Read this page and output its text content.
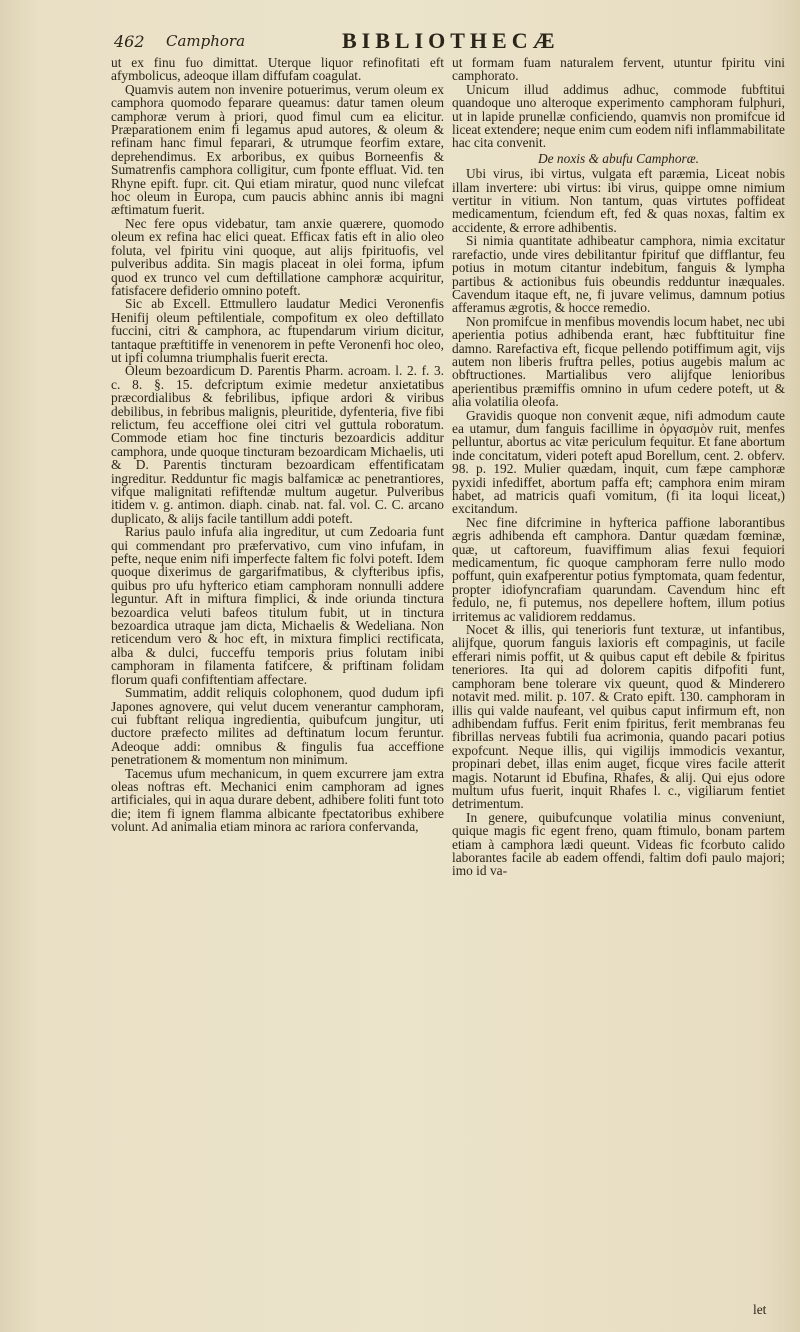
462 Camphora	BIBLIOTHECÆ

ut ex finu fuo dimittat. Uterque liquor refinofitati eft afymbolicus, adeoque illam diffufam coagulat.

Quamvis autem non invenire potuerimus, verum oleum ex camphora quomodo feparare queamus: datur tamen oleum camphoræ verum à priori, quod fimul cum ea elicitur. Præparationem enim fi legamus apud autores, & oleum & refinam hanc fimul feparari, & utrumque feorfim extare, deprehendimus. Ex arboribus, ex quibus Borneenfis & Sumatrenfis camphora colligitur, cum fponte effluat. Vid. ten Rhyne epift. fupr. cit. Qui etiam miratur, quod nunc vilefcat hoc oleum in Europa, cum paucis abhinc annis ibi magni æftimatum fuerit.

Nec fere opus videbatur, tam anxie quærere, quomodo oleum ex refina hac elici queat. Efficax fatis eft in alio oleo foluta, vel fpiritu vini quoque, aut alijs fpirituofis, vel pulveribus addita. Sin magis placeat in olei forma, ipfum quod ex trunco vel cum deftillatione camphoræ acquiritur, fatisfacere defiderio omnino poteft.

Sic ab Excell. Ettmullero laudatur Medici Veronenfis Henifij oleum peftilentiale, compofitum ex oleo deftillato fuccini, citri & camphora, ac ftupendarum virium dicitur, tantaque præftitiffe in venenorem in pefte Veronenfi hoc oleo, ut ipfi columna triumphalis fuerit erecta.

Oleum bezoardicum D. Parentis Pharm. acroam. l. 2. f. 3. c. 8. §. 15. defcriptum eximie medetur anxietatibus præcordialibus & febrilibus, ipfique ardori & viribus debilibus, in febribus malignis, pleuritide, dyfenteria, five fibi relictum, feu acceffione olei citri vel guttula roboratum. Commode etiam hoc fine tincturis bezoardicis additur camphora, unde quoque tincturam bezoardicam Michaelis, uti & D. Parentis tincturam bezoardicam effentificatam ingreditur. Redduntur fic magis balfamicæ ac penetrantiores, vifque malignitati refiftendæ multum augetur. Pulveribus itidem v. g. antimon. diaph. cinab. nat. fal. vol. C. C. arcano duplicato, & alijs facile tantillum addi poteft.

Rarius paulo infufa alia ingreditur, ut cum Zedoaria funt qui commendant pro præfervativo, cum vino infufam, in pefte, neque enim nifi imperfecte faltem fic folvi poteft. Idem quoque dixerimus de gargarifmatibus, & clyfteribus ipfis, quibus pro ufu hyfterico etiam camphoram nonnulli addere leguntur. Aft in miftura fimplici, & inde oriunda tinctura bezoardica veluti bafeos titulum fubit, ut in tinctura bezoardica utraque jam dicta, Michaelis & Wedeliana. Non reticendum vero & hoc eft, in mixtura fimplici rectificata, alba & dulci, fucceffu temporis prius folutam inibi camphoram in filamenta fatifcere, & priftinam folidam florum quafi confiftentiam affectare.

Summatim, addit reliquis colophonem, quod dudum ipfi Japones agnovere, qui velut ducem venerantur camphoram, cui fubftant reliqua ingredientia, quibufcum jungitur, uti ductore præfecto milites ad deftinatum locum feruntur. Adeoque addi: omnibus & fingulis fua acceffione penetrationem & momentum non minimum.

Tacemus ufum mechanicum, in quem excurrere jam extra oleas noftras eft. Mechanici enim camphoram ad ignes artificiales, qui in aqua durare debent, adhibere foliti funt toto die; item fi ignem flamma albicante fpectatoribus exhibere volunt. Ad animalia etiam minora ac rariora confervanda,

ut formam fuam naturalem fervent, utuntur fpiritu vini camphorato.

Unicum illud addimus adhuc, commode fubftitui quandoque uno alteroque experimento camphoram fulphuri, ut in lapide prunellæ conficiendo, quamvis non promifcue id liceat extendere; neque enim cum eodem nifi inflammabilitate hac cita convenit.

De noxis & abufu Camphoræ.

Ubi virus, ibi virtus, vulgata eft paræmia, Liceat nobis illam invertere: ubi virtus: ibi virus, quippe omne nimium vertitur in vitium. Non tantum, quas virtutes poffideat medicamentum, fciendum eft, fed & quas noxas, faltim ex accidente, & errore adhibentis.

Si nimia quantitate adhibeatur camphora, nimia excitatur rarefactio, unde vires debilitantur fpirituf que difflantur, feu potius in motum citantur indebitum, fanguis & lympha partibus & actionibus fuis obeundis redduntur inæquales. Cavendum itaque eft, ne, fi juvare velimus, damnum potius afferamus ægrotis, & hocce remedio.

Non promifcue in menfibus movendis locum habet, nec ubi aperientia potius adhibenda erant, hæc fubftituitur fine damno. Rarefactiva eft, ficque pellendo potiffimum agit, vijs autem non liberis fruftra pelles, potius augebis malum ac obftructiones. Martialibus vero alijfque lenioribus aperientibus præmiffis omnino in ufum cedere poteft, ut & alia volatilia oleofa.

Gravidis quoque non convenit æque, nifi admodum caute ea utamur, dum fanguis facillime in ὀργασμὸν ruit, menfes pelluntur, abortus ac vitæ periculum fequitur. Et fane abortum inde concitatum, videri poteft apud Borellum, cent. 2. obferv. 98. p. 192. Mulier quædam, inquit, cum fæpe camphoræ pyxidi infediffet, abortum paffa eft; camphora enim miram habet, ad matricis quafi vomitum, (fi ita loqui liceat,) excitandum.

Nec fine difcrimine in hyfterica paffione laborantibus ægris adhibenda eft camphora. Dantur quædam fœminæ, quæ, ut caftoreum, fuaviffimum alias fexui fequiori medicamentum, fic quoque camphoram ferre nullo modo poffunt, quin exafperentur potius fymptomata, quam fedentur, propter idiofyncrafiam quarundam. Cavendum hinc eft fedulo, ne, fi putemus, nos depellere hoftem, illum potius irritemus ac validiorem reddamus.

Nocet & illis, qui tenerioris funt texturæ, ut infantibus, alijfque, quorum fanguis laxioris eft compaginis, ut facile efferari nimis poffit, ut & quibus caput eft debile & fpiritus teneriores. Ita qui ad dolorem capitis difpofiti funt, camphoram bene tolerare vix queunt, quod & Minderero notavit med. milit. p. 107. & Crato epift. 130. camphoram in illis qui valde naufeant, vel quibus caput infirmum eft, non adhibendam fuffus. Ferit enim fpiritus, ferit membranas feu fibrillas nerveas fubtili fua acrimonia, quando pacari potius expofcunt. Neque illis, qui vigilijs immodicis vexantur, propinari debet, illas enim auget, ficque vires facile atterit magis. Notarunt id Ebufina, Rhafes, & alij. Qui ejus odore multum ufus fuerit, inquit Rhafes l. c., vigiliarum fentiet detrimentum.

In genere, quibufcunque volatilia minus conveniunt, quique magis fic egent freno, quam ftimulo, bonam partem etiam à camphora lædi queunt. Videas fic fcorbuto calido laborantes facile ab eadem offendi, faltim dofi paulo majori; imo id va-

let
